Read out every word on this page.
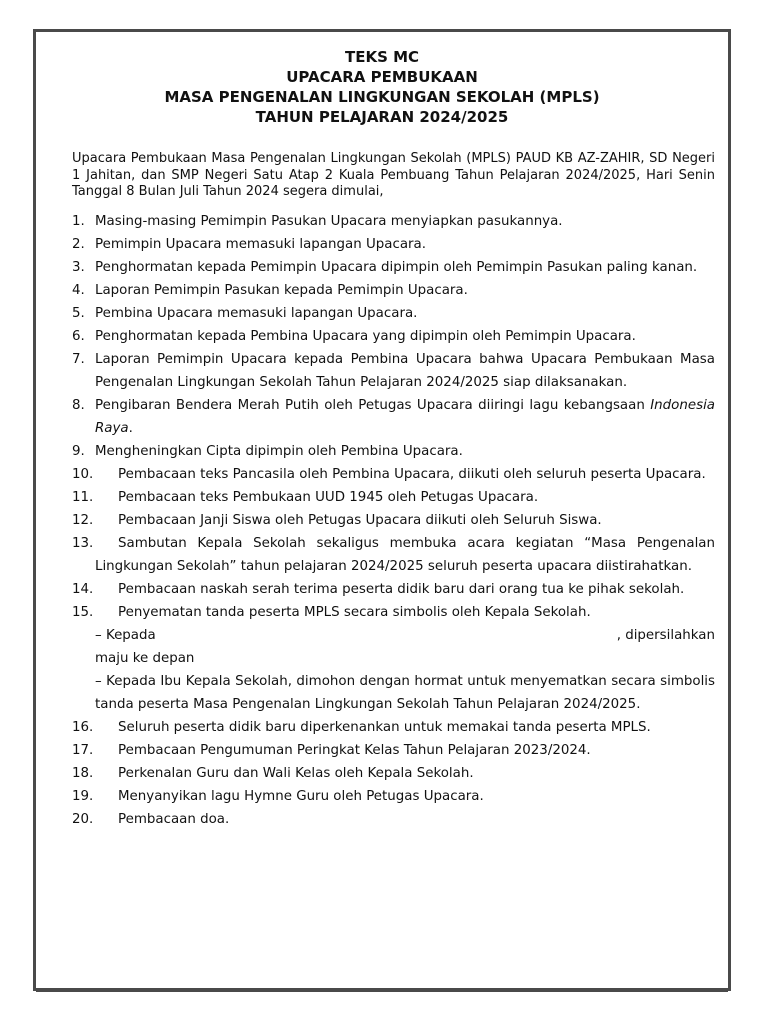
TEKS MC
UPACARA PEMBUKAAN
MASA PENGENALAN LINGKUNGAN SEKOLAH (MPLS)
TAHUN PELAJARAN 2024/2025

Upacara Pembukaan Masa Pengenalan Lingkungan Sekolah (MPLS) PAUD KB AZ-ZAHIR, SD Negeri 1 Jahitan, dan SMP Negeri Satu Atap 2 Kuala Pembuang Tahun Pelajaran 2024/2025, Hari Senin Tanggal 8 Bulan Juli Tahun 2024 segera dimulai,

1. Masing-masing Pemimpin Pasukan Upacara menyiapkan pasukannya.

2. Pemimpin Upacara memasuki lapangan Upacara.

3. Penghormatan kepada Pemimpin Upacara dipimpin oleh Pemimpin Pasukan paling kanan.

4. Laporan Pemimpin Pasukan kepada Pemimpin Upacara.

5. Pembina Upacara memasuki lapangan Upacara.

6. Penghormatan kepada Pembina Upacara yang dipimpin oleh Pemimpin Upacara.

7. Laporan Pemimpin Upacara kepada Pembina Upacara bahwa Upacara Pembukaan Masa Pengenalan Lingkungan Sekolah Tahun Pelajaran 2024/2025 siap dilaksanakan.

8. Pengibaran Bendera Merah Putih oleh Petugas Upacara diiringi lagu kebangsaan Indonesia Raya.

9. Mengheningkan Cipta dipimpin oleh Pembina Upacara.

10. Pembacaan teks Pancasila oleh Pembina Upacara, diikuti oleh seluruh peserta Upacara.

11. Pembacaan teks Pembukaan UUD 1945 oleh Petugas Upacara.

12. Pembacaan Janji Siswa oleh Petugas Upacara diikuti oleh Seluruh Siswa.

13. Sambutan Kepala Sekolah sekaligus membuka acara kegiatan “Masa Pengenalan Lingkungan Sekolah” tahun pelajaran 2024/2025 seluruh peserta upacara diistirahatkan.

14. Pembacaan naskah serah terima peserta didik baru dari orang tua ke pihak sekolah.

15. Penyematan tanda peserta MPLS secara simbolis oleh Kepala Sekolah.

– Kepada	, dipersilahkan
maju ke depan

– Kepada Ibu Kepala Sekolah, dimohon dengan hormat untuk menyematkan secara simbolis tanda peserta Masa Pengenalan Lingkungan Sekolah Tahun Pelajaran 2024/2025.

16. Seluruh peserta didik baru diperkenankan untuk memakai tanda peserta MPLS.

17. Pembacaan Pengumuman Peringkat Kelas Tahun Pelajaran 2023/2024.

18. Perkenalan Guru dan Wali Kelas oleh Kepala Sekolah.

19. Menyanyikan lagu Hymne Guru oleh Petugas Upacara.

20. Pembacaan doa.
